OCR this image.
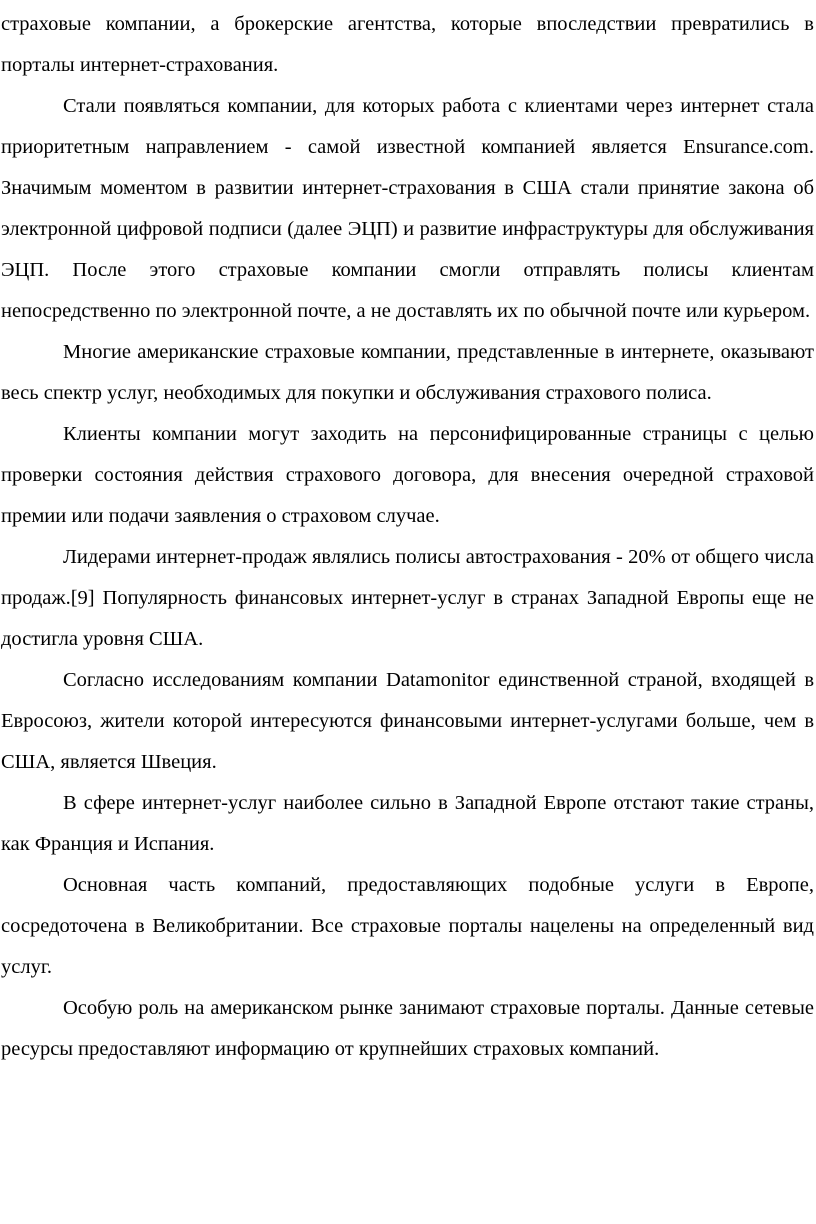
страховые компании, а брокерские агентства, которые впоследствии превратились в порталы интернет-страхования.

Стали появляться компании, для которых работа с клиентами через интернет стала приоритетным направлением - самой известной компанией является Ensurance.com. Значимым моментом в развитии интернет-страхования в США стали принятие закона об электронной цифровой подписи (далее ЭЦП) и развитие инфраструктуры для обслуживания ЭЦП. После этого страховые компании смогли отправлять полисы клиентам непосредственно по электронной почте, а не доставлять их по обычной почте или курьером.

Многие американские страховые компании, представленные в интернете, оказывают весь спектр услуг, необходимых для покупки и обслуживания страхового полиса.

Клиенты компании могут заходить на персонифицированные страницы с целью проверки состояния действия страхового договора, для внесения очередной страховой премии или подачи заявления о страховом случае.

Лидерами интернет-продаж являлись полисы автострахования - 20% от общего числа продаж.[9] Популярность финансовых интернет-услуг в странах Западной Европы еще не достигла уровня США.

Согласно исследованиям компании Datamonitor единственной страной, входящей в Евросоюз, жители которой интересуются финансовыми интернет-услугами больше, чем в США, является Швеция.

В сфере интернет-услуг наиболее сильно в Западной Европе отстают такие страны, как Франция и Испания.

Основная часть компаний, предоставляющих подобные услуги в Европе, сосредоточена в Великобритании. Все страховые порталы нацелены на определенный вид услуг.

Особую роль на американском рынке занимают страховые порталы. Данные сетевые ресурсы предоставляют информацию от крупнейших страховых компаний.
